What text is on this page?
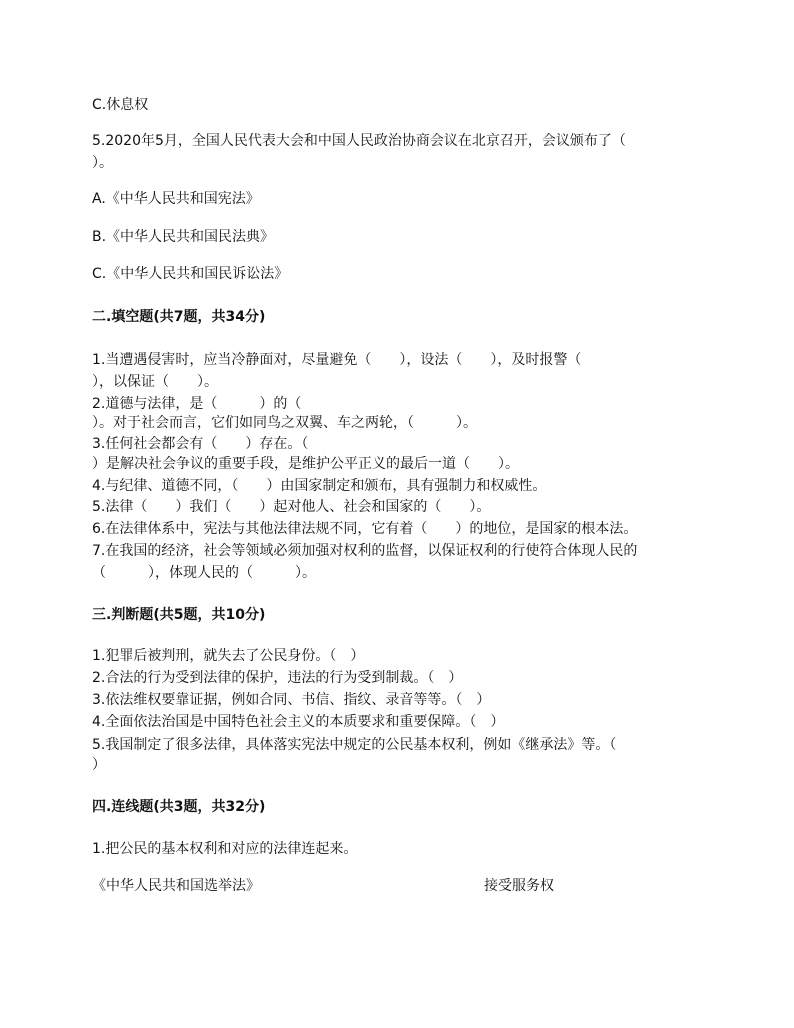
C.休息权
5.2020年5月，全国人民代表大会和中国人民政治协商会议在北京召开，会议颁布了（
）。
A.《中华人民共和国宪法》
B.《中华人民共和国民法典》
C.《中华人民共和国民诉讼法》
二.填空题(共7题，共34分)
1.当遭遇侵害时，应当冷静面对，尽量避免（　　），设法（　　），及时报警（
），以保证（　　）。
2.道德与法律，是（　　　）的（
）。对于社会而言，它们如同鸟之双翼、车之两轮，（　　　）。
3.任何社会都会有（　　）存在。（
）是解决社会争议的重要手段，是维护公平正义的最后一道（　　）。
4.与纪律、道德不同，（　　）由国家制定和颁布，具有强制力和权威性。
5.法律（　　）我们（　　）起对他人、社会和国家的（　　）。
6.在法律体系中，宪法与其他法律法规不同，它有着（　　）的地位，是国家的根本法。
7.在我国的经济，社会等领域必须加强对权利的监督，以保证权利的行使符合体现人民的
（　　　），体现人民的（　　　）。
三.判断题(共5题，共10分)
1.犯罪后被判刑，就失去了公民身份。（　）
2.合法的行为受到法律的保护，违法的行为受到制裁。（　）
3.依法维权要靠证据，例如合同、书信、指纹、录音等等。（　）
4.全面依法治国是中国特色社会主义的本质要求和重要保障。（　）
5.我国制定了很多法律，具体落实宪法中规定的公民基本权利，例如《继承法》等。（
）
四.连线题(共3题，共32分)
1.把公民的基本权利和对应的法律连起来。
《中华人民共和国选举法》	接受服务权
